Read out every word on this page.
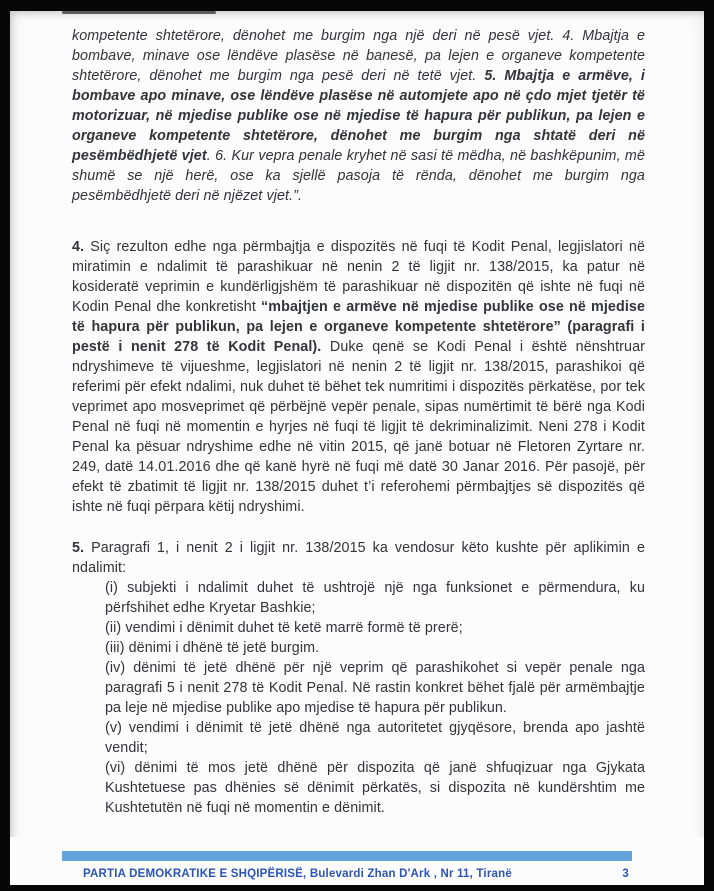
kompetente shtetërore, dënohet me burgim nga një deri në pesë vjet. 4. Mbajtja e bombave, minave ose lëndëve plasëse në banesë, pa lejen e organeve kompetente shtetërore, dënohet me burgim nga pesë deri në tetë vjet. 5. Mbajtja e armëve, i bombave apo minave, ose lëndëve plasëse në automjete apo në çdo mjet tjetër të motorizuar, në mjedise publike ose në mjedise të hapura për publikun, pa lejen e organeve kompetente shtetërore, dënohet me burgim nga shtatë deri në pesëmbëdhjetë vjet. 6. Kur vepra penale kryhet në sasi të mëdha, në bashkëpunim, më shumë se një herë, ose ka sjellë pasoja të rënda, dënohet me burgim nga pesëmbëdhjetë deri në njëzet vjet.”.

4. Siç rezulton edhe nga përmbajtja e dispozitës në fuqi të Kodit Penal, legjislatori në miratimin e ndalimit të parashikuar në nenin 2 të ligjit nr. 138/2015, ka patur në kosideratë veprimin e kundërligjshëm të parashikuar në dispozitën që ishte në fuqi në Kodin Penal dhe konkretisht “mbajtjen e armëve në mjedise publike ose në mjedise të hapura për publikun, pa lejen e organeve kompetente shtetërore” (paragrafi i pestë i nenit 278 të Kodit Penal). Duke qenë se Kodi Penal i është nënshtruar ndryshimeve të vijueshme, legjislatori në nenin 2 të ligjit nr. 138/2015, parashikoi që referimi për efekt ndalimi, nuk duhet të bëhet tek numritimi i dispozitës përkatëse, por tek veprimet apo mosveprimet që përbëjnë vepër penale, sipas numërtimit të bërë nga Kodi Penal në fuqi në momentin e hyrjes në fuqi të ligjit të dekriminalizimit. Neni 278 i Kodit Penal ka pësuar ndryshime edhe në vitin 2015, që janë botuar në Fletoren Zyrtare nr. 249, datë 14.01.2016 dhe që kanë hyrë në fuqi më datë 30 Janar 2016. Për pasojë, për efekt të zbatimit të ligjit nr. 138/2015 duhet t’i referohemi përmbajtjes së dispozitës që ishte në fuqi përpara këtij ndryshimi.

5. Paragrafi 1, i nenit 2 i ligjit nr. 138/2015 ka vendosur këto kushte për aplikimin e ndalimit:

(i) subjekti i ndalimit duhet të ushtrojë një nga funksionet e përmendura, ku përfshihet edhe Kryetar Bashkie;

(ii) vendimi i dënimit duhet të ketë marrë formë të prerë;

(iii) dënimi i dhënë të jetë burgim.

(iv) dënimi të jetë dhënë për një veprim që parashikohet si vepër penale nga paragrafi 5 i nenit 278 të Kodit Penal. Në rastin konkret bëhet fjalë për armëmbajtje pa leje në mjedise publike apo mjedise të hapura për publikun.

(v) vendimi i dënimit të jetë dhënë nga autoritetet gjyqësore, brenda apo jashtë vendit;

(vi) dënimi të mos jetë dhënë për dispozita që janë shfuqizuar nga Gjykata Kushtetuese pas dhënies së dënimit përkatës, si dispozita në kundërshtim me Kushtetutën në fuqi në momentin e dënimit.

PARTIA DEMOKRATIKE E SHQIPËRISË, Bulevardi Zhan D'Ark , Nr 11, Tiranë	3
